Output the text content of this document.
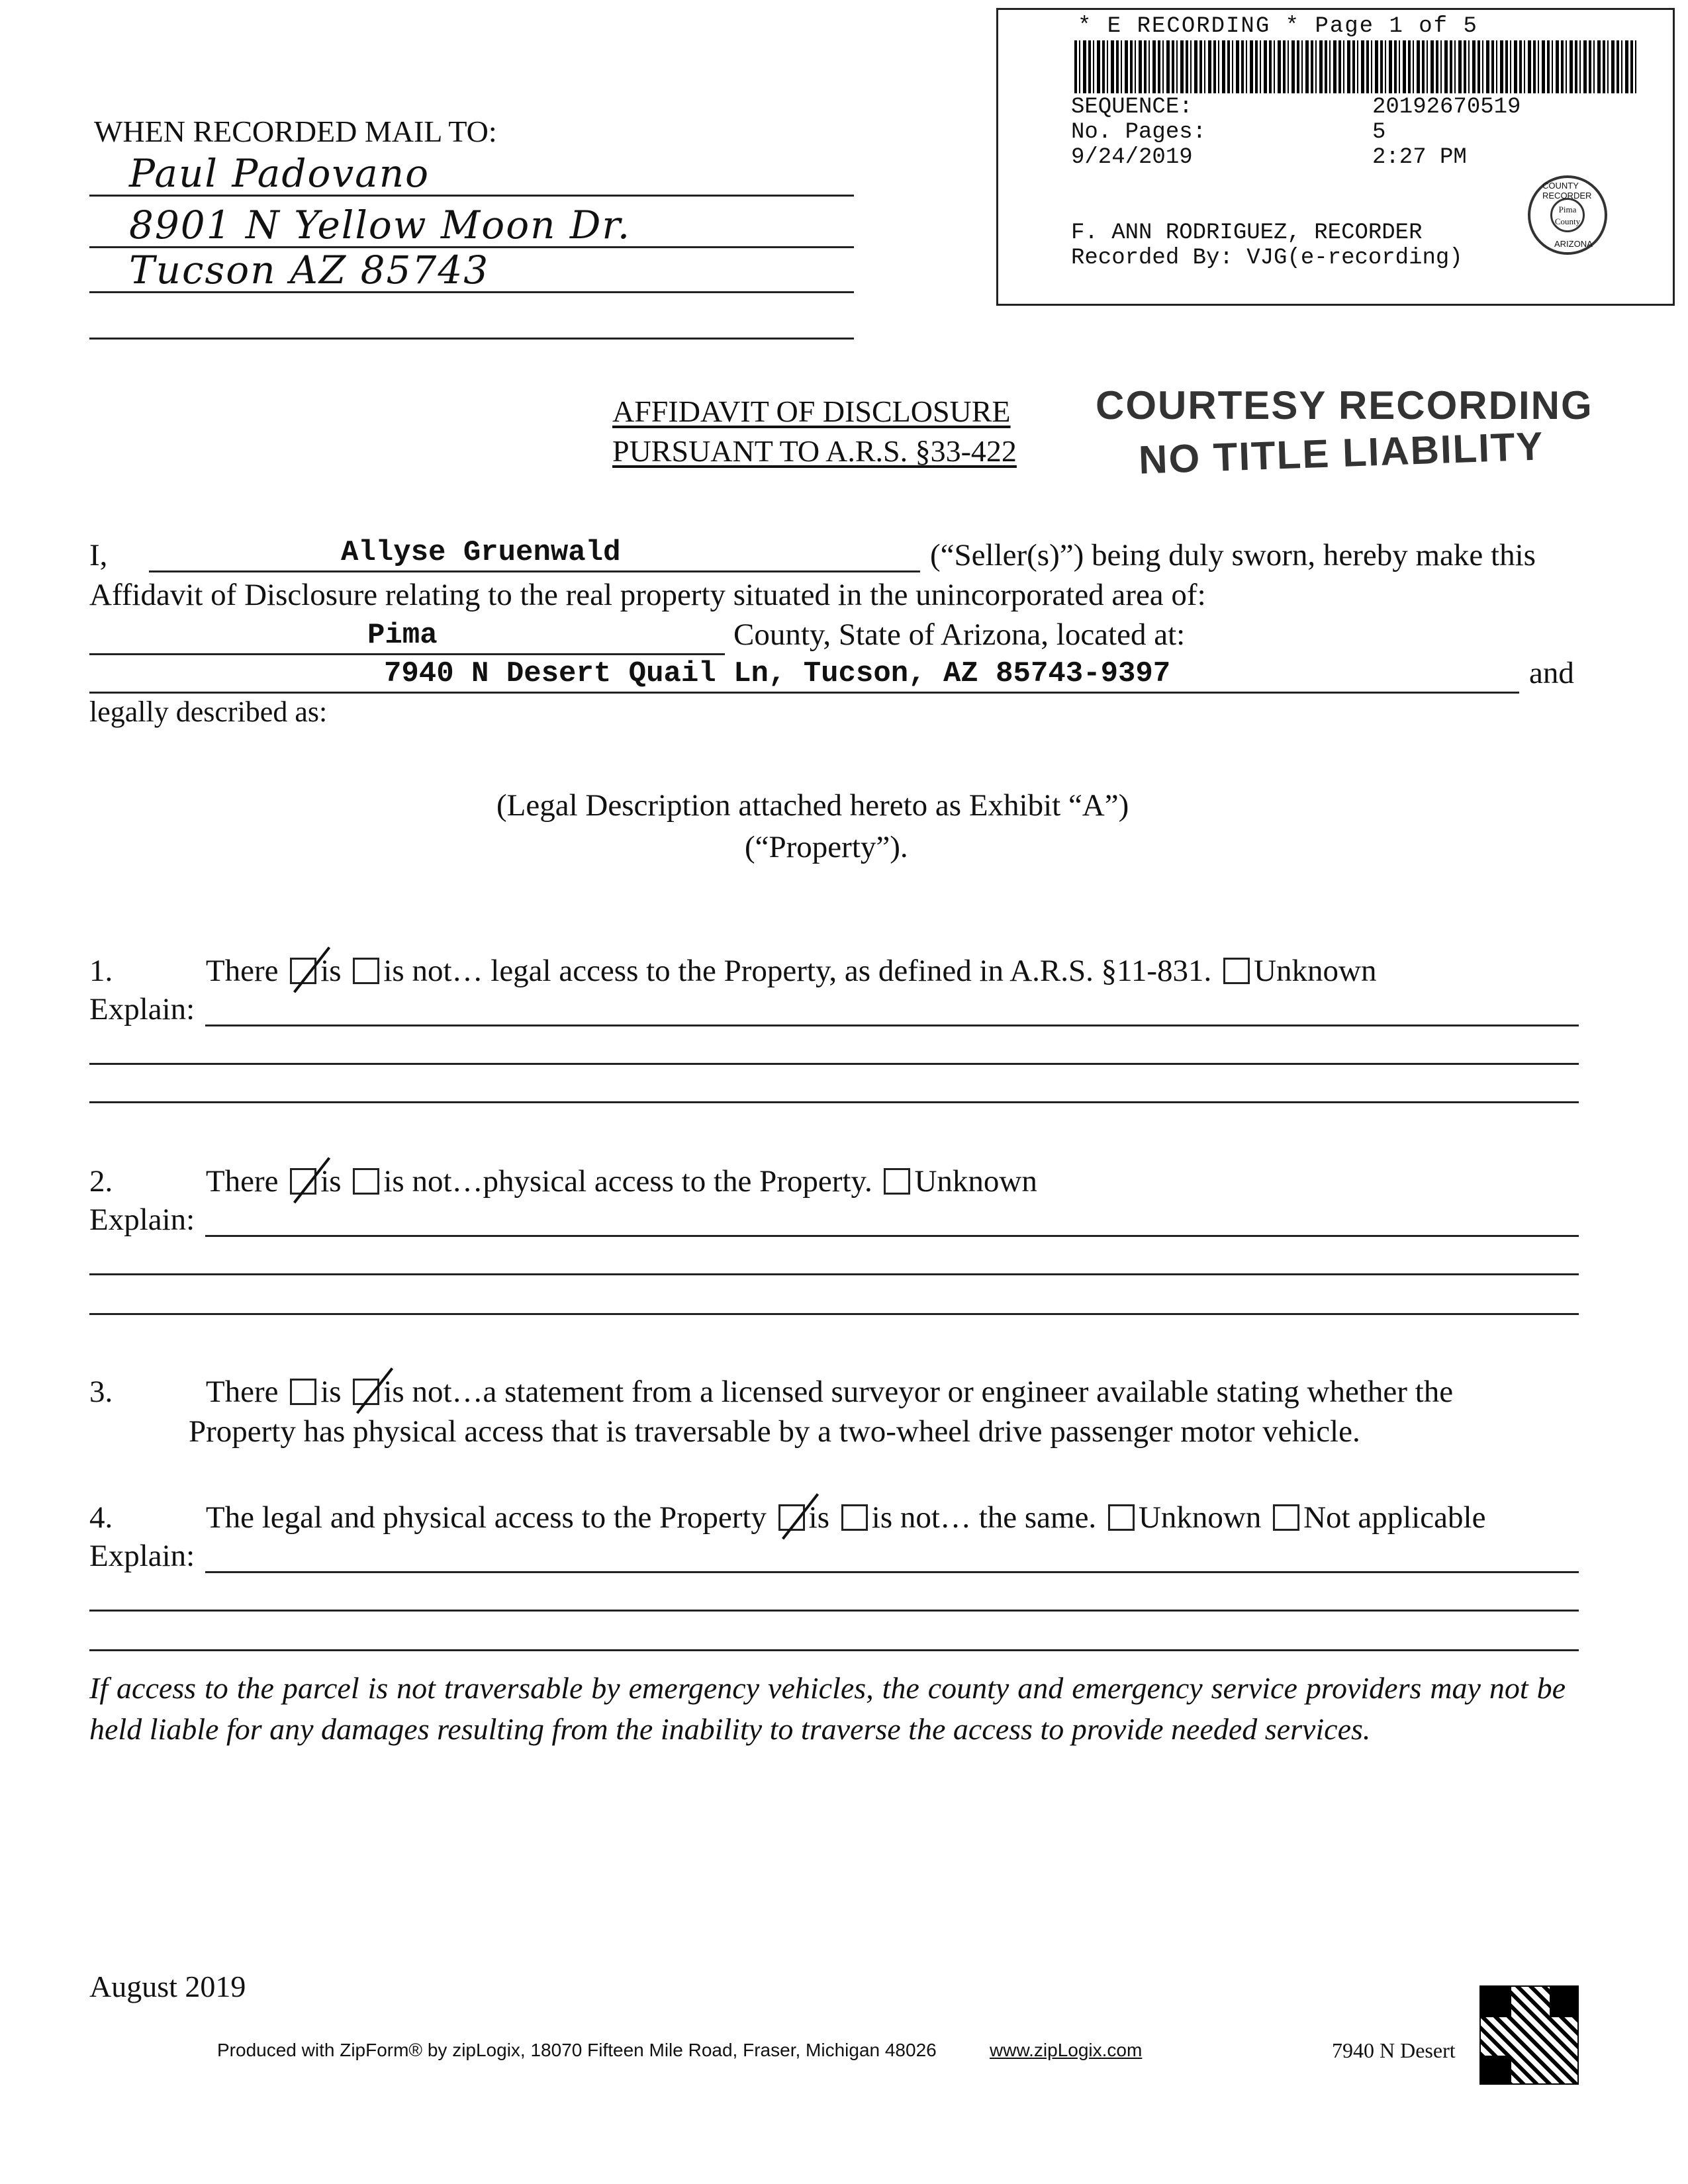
WHEN RECORDED MAIL TO:
Paul Padovano
8901 N Yellow Moon Dr.
Tucson AZ 85743
* E RECORDING * Page 1 of 5
SEQUENCE:	20192670519
No. Pages:	5
9/24/2019	2:27 PM
F. ANN RODRIGUEZ, RECORDER
Recorded By: VJG(e-recording)
COUNTY RECORDER
Pima County
ARIZONA
AFFIDAVIT OF DISCLOSURE
PURSUANT TO A.R.S. §33-422
COURTESY RECORDING
NO TITLE LIABILITY
I,	Allyse Gruenwald	(“Seller(s)”) being duly sworn, hereby make this
Affidavit of Disclosure relating to the real property situated in the unincorporated area of:
Pima	County, State of Arizona, located at:
7940 N Desert Quail Ln, Tucson, AZ 85743-9397	and
legally described as:
(Legal Description attached hereto as Exhibit “A”)
(“Property”).
1.	There is is not… legal access to the Property, as defined in A.R.S. §11-831. Unknown
Explain:
2.	There is is not…physical access to the Property. Unknown
Explain:
3.	There is is not…a statement from a licensed surveyor or engineer available stating whether the
Property has physical access that is traversable by a two-wheel drive passenger motor vehicle.
4.	The legal and physical access to the Property is is not… the same. Unknown Not applicable
Explain:
If access to the parcel is not traversable by emergency vehicles, the county and emergency service providers may not be held liable for any damages resulting from the inability to traverse the access to provide needed services.
August 2019
Produced with ZipForm® by zipLogix, 18070 Fifteen Mile Road, Fraser, Michigan 48026	www.zipLogix.com	7940 N Desert
